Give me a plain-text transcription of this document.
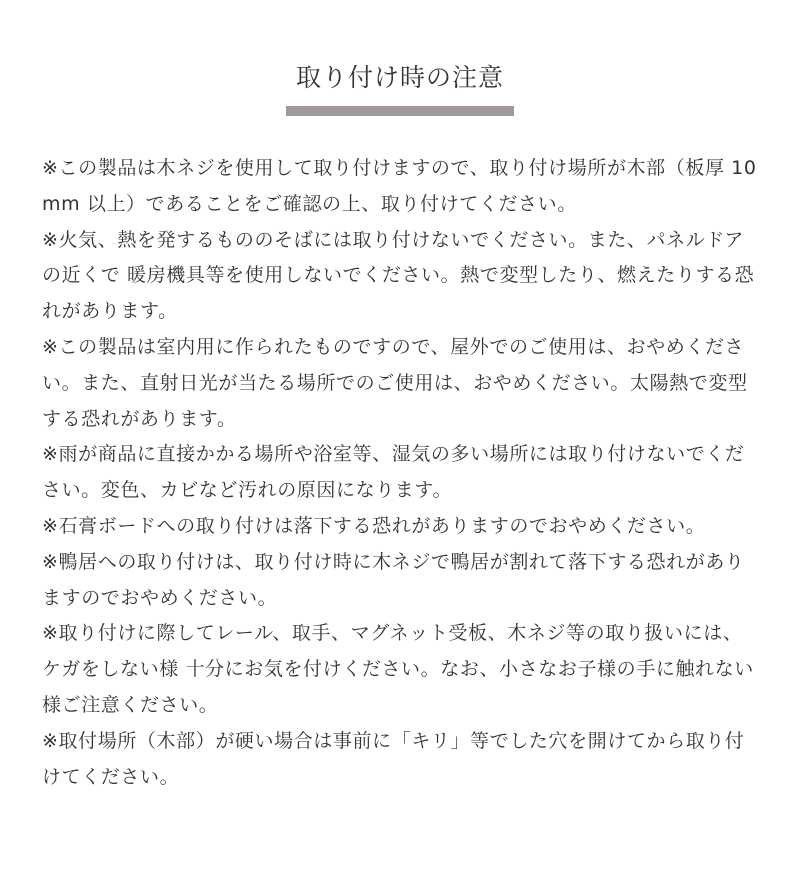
取り付け時の注意

※この製品は木ネジを使用して取り付けますので、取り付け場所が木部（板厚 10mm 以上）であることをご確認の上、取り付けてください。

※火気、熱を発するもののそばには取り付けないでください。また、パネルドアの近くで 暖房機具等を使用しないでください。熱で変型したり、燃えたりする恐れがあります。

※この製品は室内用に作られたものですので、屋外でのご使用は、おやめください。また、直射日光が当たる場所でのご使用は、おやめください。太陽熱で変型する恐れがあります。

※雨が商品に直接かかる場所や浴室等、湿気の多い場所には取り付けないでください。変色、カビなど汚れの原因になります。

※石膏ボードへの取り付けは落下する恐れがありますのでおやめください。

※鴨居への取り付けは、取り付け時に木ネジで鴨居が割れて落下する恐れがありますのでおやめください。

※取り付けに際してレール、取手、マグネット受板、木ネジ等の取り扱いには、ケガをしない様 十分にお気を付けください。なお、小さなお子様の手に触れない様ご注意ください。

※取付場所（木部）が硬い場合は事前に「キリ」等でした穴を開けてから取り付けてください。
